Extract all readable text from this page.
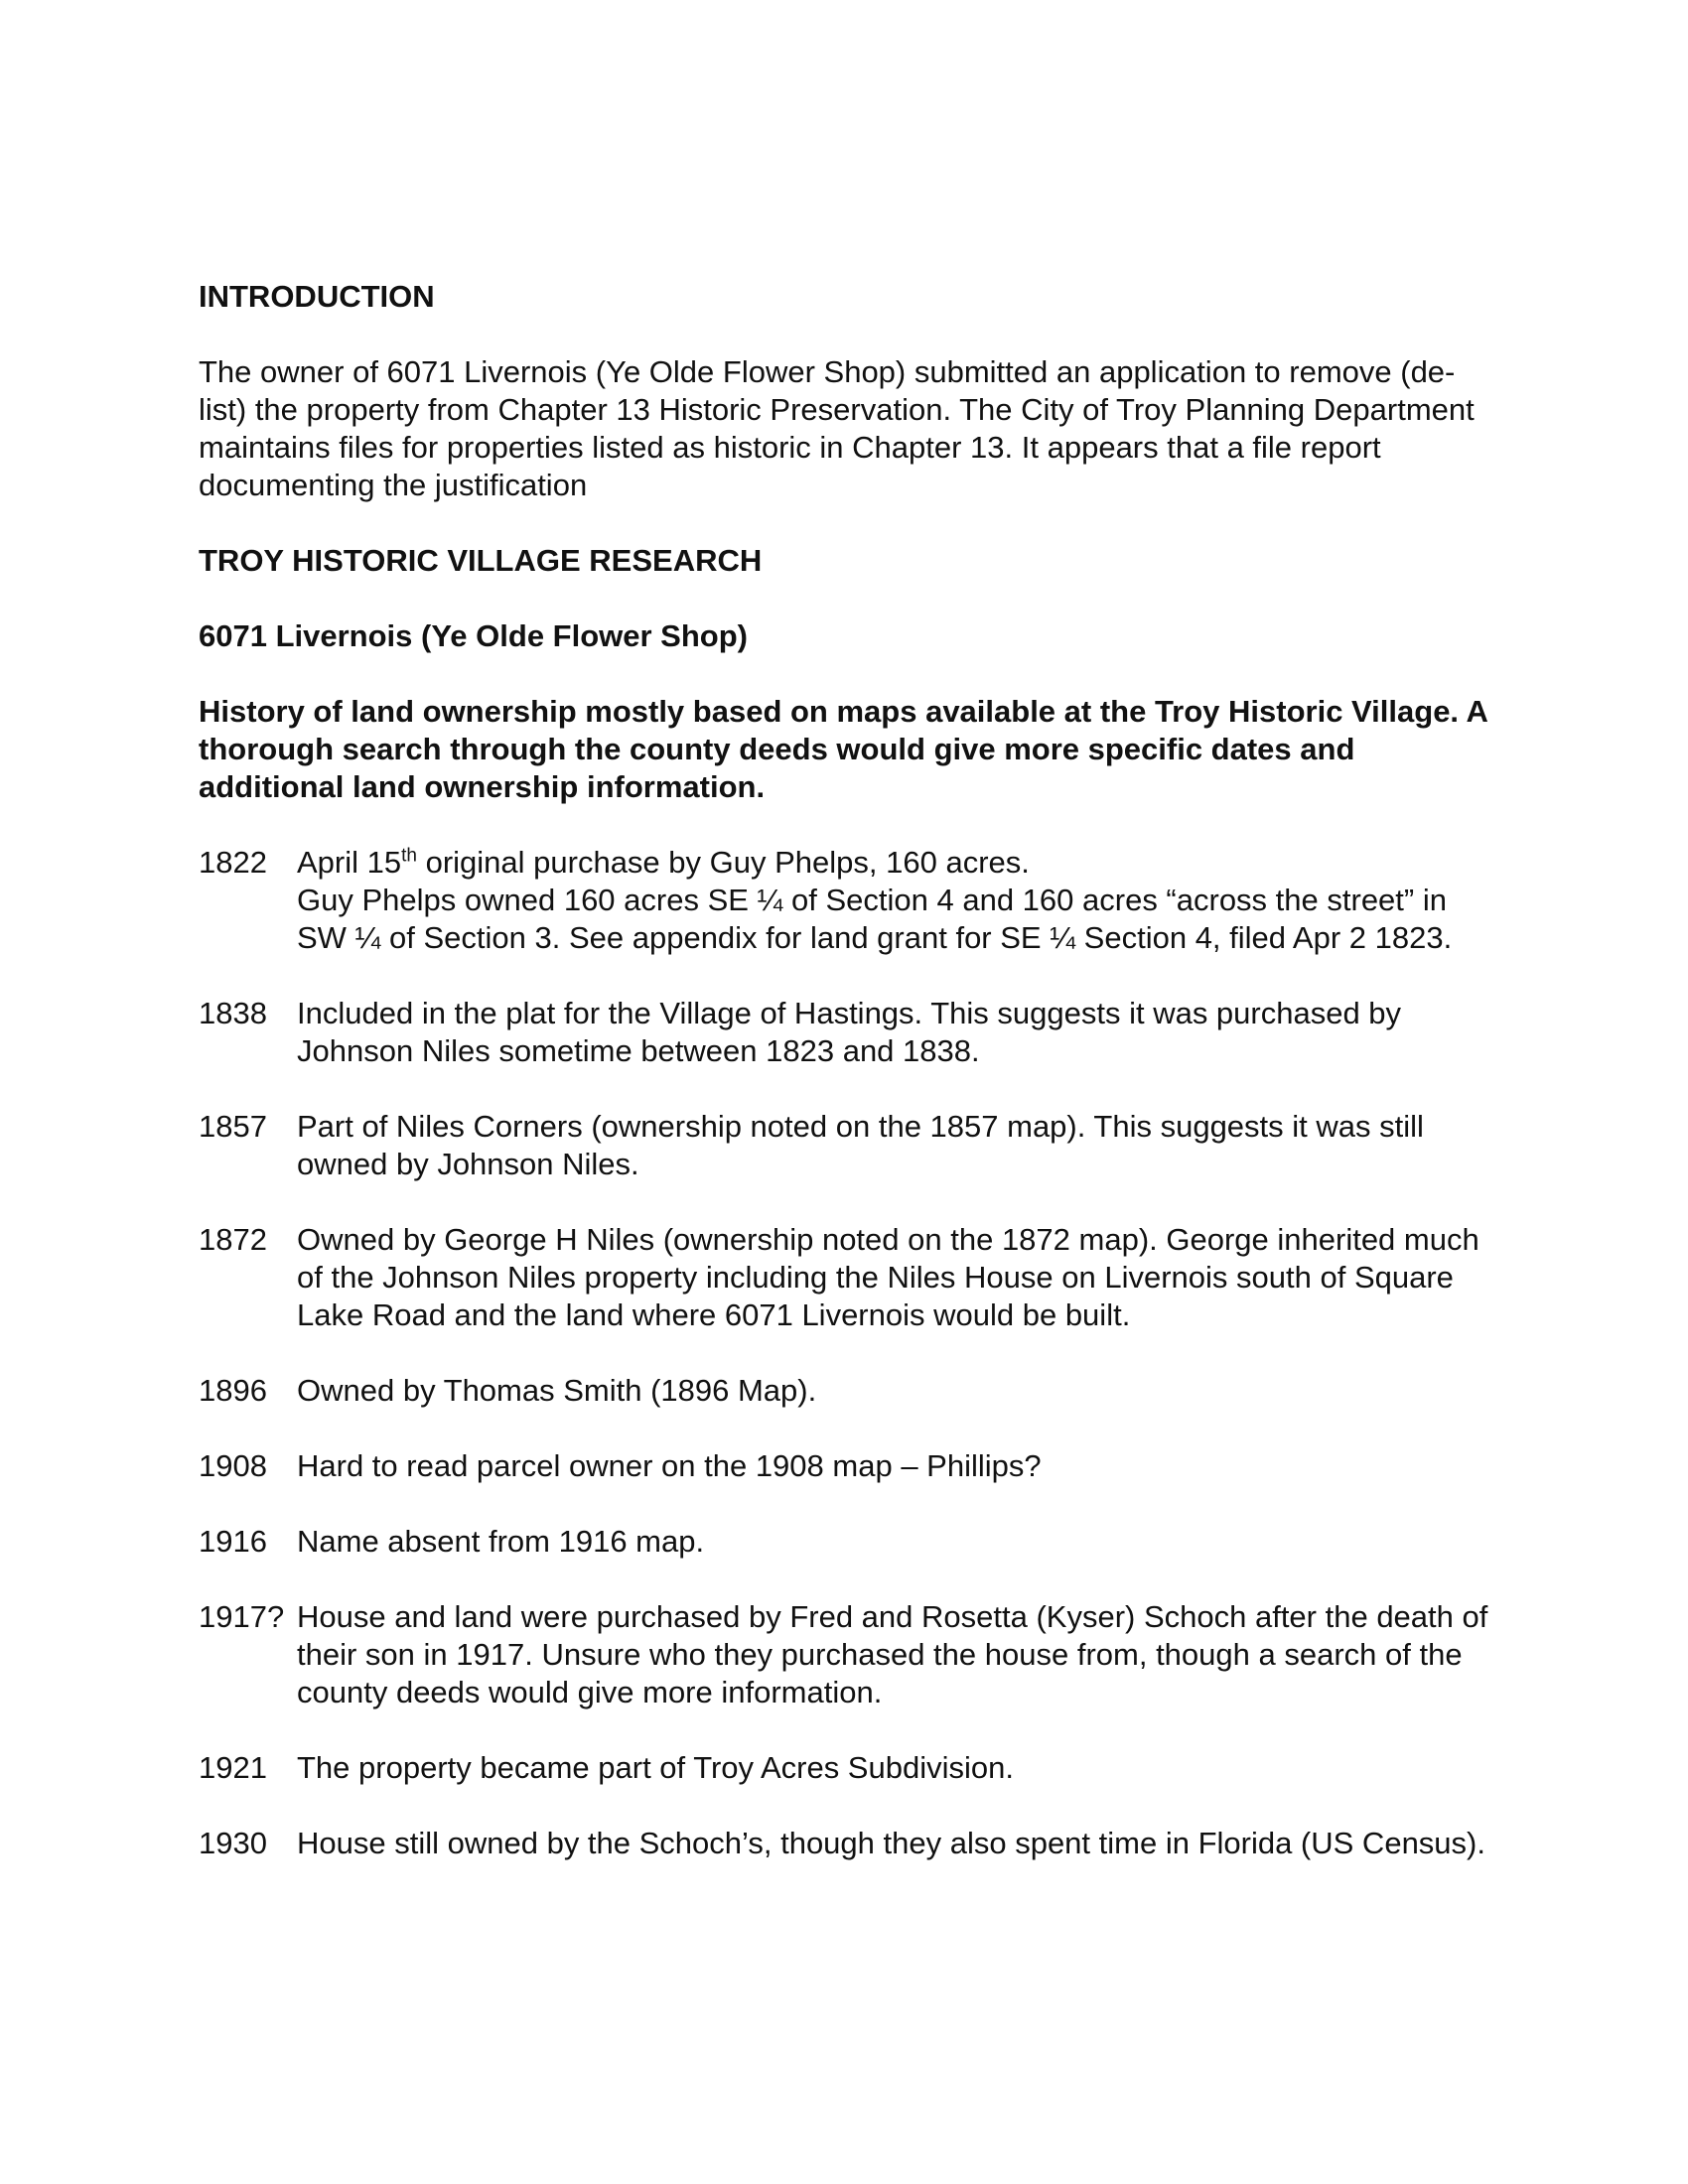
INTRODUCTION
The owner of 6071 Livernois (Ye Olde Flower Shop) submitted an application to remove (de-list) the property from Chapter 13 Historic Preservation. The City of Troy Planning Department maintains files for properties listed as historic in Chapter 13. It appears that a file report documenting the justification
TROY HISTORIC VILLAGE RESEARCH
6071 Livernois (Ye Olde Flower Shop)
History of land ownership mostly based on maps available at the Troy Historic Village. A thorough search through the county deeds would give more specific dates and additional land ownership information.
1822 April 15th original purchase by Guy Phelps, 160 acres.
Guy Phelps owned 160 acres SE ¼ of Section 4 and 160 acres “across the street” in SW ¼ of Section 3. See appendix for land grant for SE ¼ Section 4, filed Apr 2 1823.
1838 Included in the plat for the Village of Hastings. This suggests it was purchased by Johnson Niles sometime between 1823 and 1838.
1857 Part of Niles Corners (ownership noted on the 1857 map). This suggests it was still owned by Johnson Niles.
1872 Owned by George H Niles (ownership noted on the 1872 map). George inherited much of the Johnson Niles property including the Niles House on Livernois south of Square Lake Road and the land where 6071 Livernois would be built.
1896 Owned by Thomas Smith (1896 Map).
1908 Hard to read parcel owner on the 1908 map – Phillips?
1916 Name absent from 1916 map.
1917? House and land were purchased by Fred and Rosetta (Kyser) Schoch after the death of their son in 1917. Unsure who they purchased the house from, though a search of the county deeds would give more information.
1921 The property became part of Troy Acres Subdivision.
1930 House still owned by the Schoch’s, though they also spent time in Florida (US Census).
